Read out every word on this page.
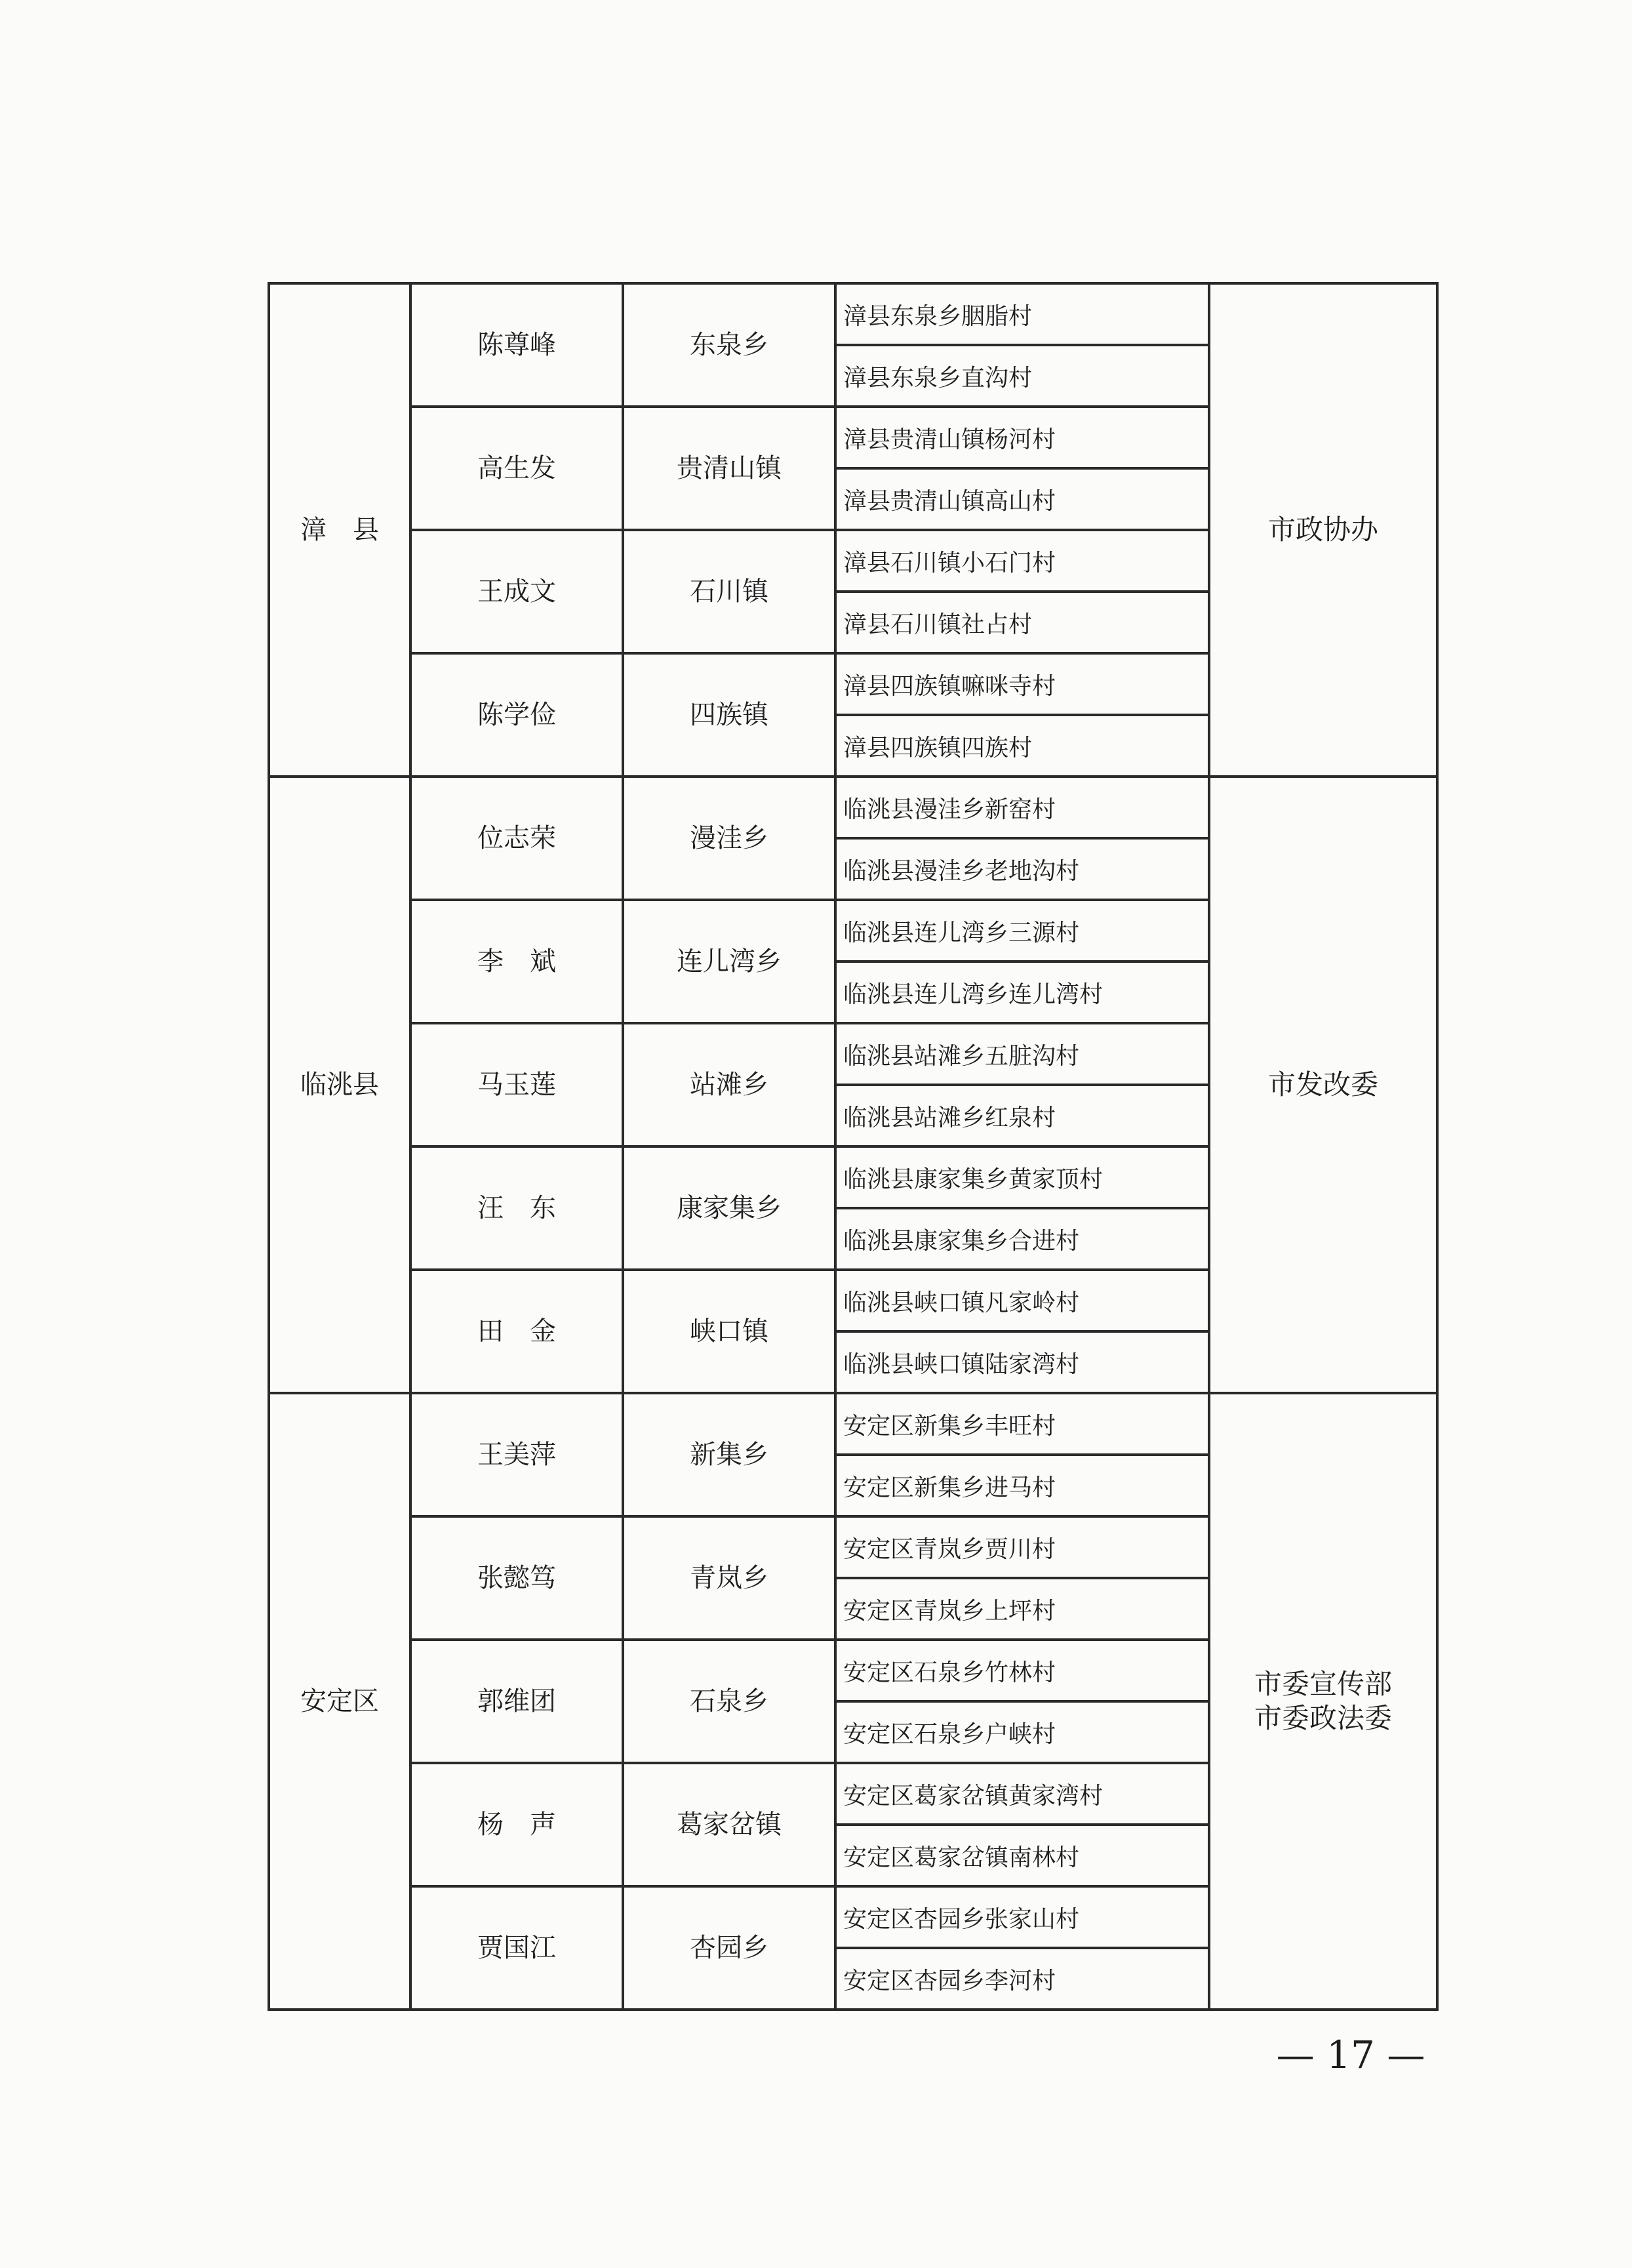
漳　县	陈尊峰	东泉乡	漳县东泉乡胭脂村	市政协办

			漳县东泉乡直沟村	
	高生发	贵清山镇	漳县贵清山镇杨河村	
			漳县贵清山镇高山村	
	王成文	石川镇	漳县石川镇小石门村	
			漳县石川镇社占村	
	陈学俭	四族镇	漳县四族镇嘛咪寺村	
			漳县四族镇四族村	
临洮县	位志荣	漫洼乡	临洮县漫洼乡新窑村	市发改委

			临洮县漫洼乡老地沟村	
	李　斌	连儿湾乡	临洮县连儿湾乡三源村	
			临洮县连儿湾乡连儿湾村	
	马玉莲	站滩乡	临洮县站滩乡五脏沟村	
			临洮县站滩乡红泉村	
	汪　东	康家集乡	临洮县康家集乡黄家顶村	
			临洮县康家集乡合进村	
	田　金	峡口镇	临洮县峡口镇凡家岭村	
			临洮县峡口镇陆家湾村	
安定区	王美萍	新集乡	安定区新集乡丰旺村	市委宣传部
市委政法委

			安定区新集乡进马村	
	张懿笃	青岚乡	安定区青岚乡贾川村	
			安定区青岚乡上坪村	
	郭维团	石泉乡	安定区石泉乡竹林村	
			安定区石泉乡户峡村	
	杨　声	葛家岔镇	安定区葛家岔镇黄家湾村	
			安定区葛家岔镇南林村	
	贾国江	杏园乡	安定区杏园乡张家山村	
			安定区杏园乡李河村	
— 17 —
